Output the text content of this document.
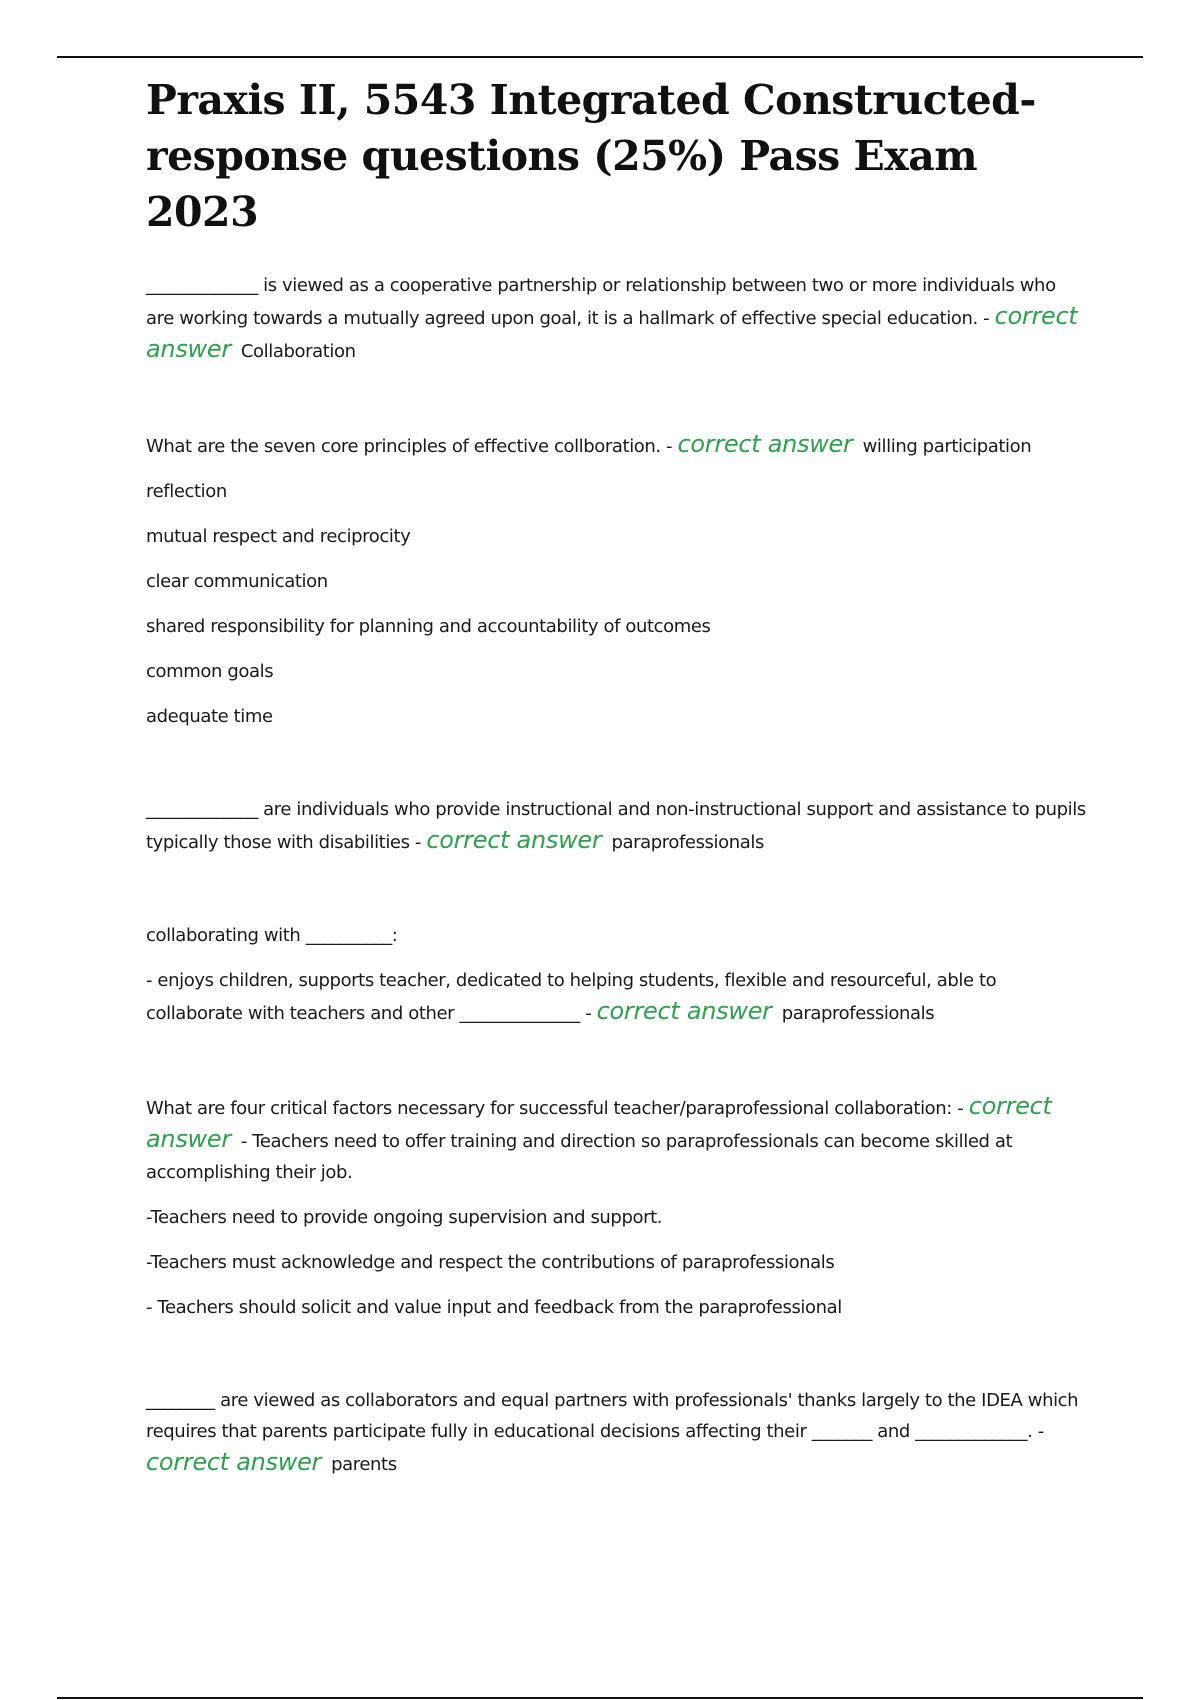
Praxis II, 5543 Integrated Constructed-response questions (25%) Pass Exam 2023

_____________ is viewed as a cooperative partnership or relationship between two or more individuals who are working towards a mutually agreed upon goal, it is a hallmark of effective special education. - correct answer Collaboration

What are the seven core principles of effective collboration. - correct answer willing participation

reflection

mutual respect and reciprocity

clear communication

shared responsibility for planning and accountability of outcomes

common goals

adequate time

_____________ are individuals who provide instructional and non-instructional support and assistance to pupils typically those with disabilities - correct answer paraprofessionals

collaborating with __________:

- enjoys children, supports teacher, dedicated to helping students, flexible and resourceful, able to collaborate with teachers and other ______________ - correct answer paraprofessionals

What are four critical factors necessary for successful teacher/paraprofessional collaboration: - correct answer - Teachers need to offer training and direction so paraprofessionals can become skilled at accomplishing their job.

-Teachers need to provide ongoing supervision and support.

-Teachers must acknowledge and respect the contributions of paraprofessionals

- Teachers should solicit and value input and feedback from the paraprofessional

________ are viewed as collaborators and equal partners with professionals' thanks largely to the IDEA which requires that parents participate fully in educational decisions affecting their _______ and _____________. - correct answer parents
